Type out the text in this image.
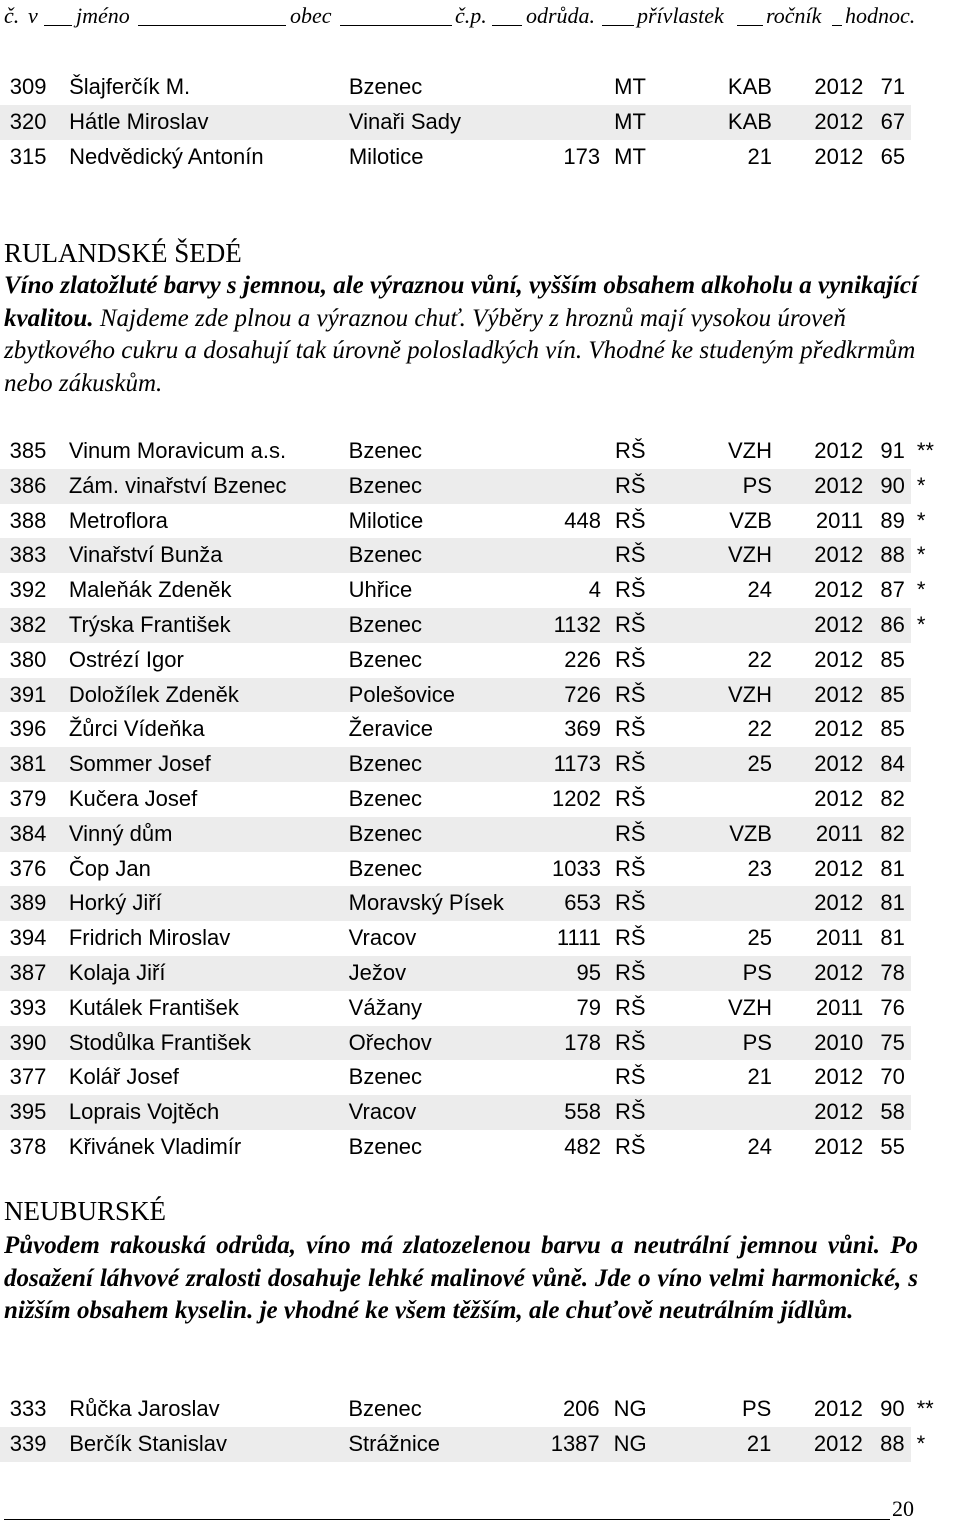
č. v jméno	obec	č.p. odrůda. přívlastek ročník hodnoc.
	309	Šlajferčík M.	Bzenec		MT	KAB	2012	71	
	320	Hátle Miroslav	Vinaři Sady		MT	KAB	2012	67	
	315	Nedvědický Antonín	Milotice	173	MT	21	2012	65	
RULANDSKÉ ŠEDÉ
Víno zlatožluté barvy s jemnou, ale výraznou vůní, vyšším obsahem alkoholu a vynikající kvalitou. Najdeme zde plnou a výraznou chuť. Výběry z hroznů mají vysokou úroveň zbytkového cukru a dosahují tak úrovně polosladkých vín. Vhodné ke studeným předkrmům nebo zákuskům.
	385	Vinum Moravicum a.s.	Bzenec		RŠ	VZH	2012	91	**
	386	Zám. vinařství Bzenec	Bzenec		RŠ	PS	2012	90	*
	388	Metroflora	Milotice	448	RŠ	VZB	2011	89	*
	383	Vinařství Bunža	Bzenec		RŠ	VZH	2012	88	*
	392	Maleňák Zdeněk	Uhřice	4	RŠ	24	2012	87	*
	382	Trýska František	Bzenec	1132	RŠ		2012	86	*
	380	Ostrézí Igor	Bzenec	226	RŠ	22	2012	85	
	391	Doložílek Zdeněk	Polešovice	726	RŠ	VZH	2012	85	
	396	Žůrci Vídeňka	Žeravice	369	RŠ	22	2012	85	
	381	Sommer Josef	Bzenec	1173	RŠ	25	2012	84	
	379	Kučera Josef	Bzenec	1202	RŠ		2012	82	
	384	Vinný dům	Bzenec		RŠ	VZB	2011	82	
	376	Čop Jan	Bzenec	1033	RŠ	23	2012	81	
	389	Horký Jiří	Moravský Písek	653	RŠ		2012	81	
	394	Fridrich Miroslav	Vracov	1111	RŠ	25	2011	81	
	387	Kolaja Jiří	Ježov	95	RŠ	PS	2012	78	
	393	Kutálek František	Vážany	79	RŠ	VZH	2011	76	
	390	Stodůlka František	Ořechov	178	RŠ	PS	2010	75	
	377	Kolář Josef	Bzenec		RŠ	21	2012	70	
	395	Loprais Vojtěch	Vracov	558	RŠ		2012	58	
	378	Křivánek Vladimír	Bzenec	482	RŠ	24	2012	55	
NEUBURSKÉ
Původem rakouská odrůda, víno má zlatozelenou barvu a neutrální jemnou vůni. Po dosažení láhvové zralosti dosahuje lehké malinové vůně. Jde o víno velmi harmonické, s nižším obsahem kyselin. je vhodné ke všem těžším, ale chuťově neutrálním jídlům.
	333	Růčka Jaroslav	Bzenec	206	NG	PS	2012	90	**
	339	Berčík Stanislav	Strážnice	1387	NG	21	2012	88	*
20
